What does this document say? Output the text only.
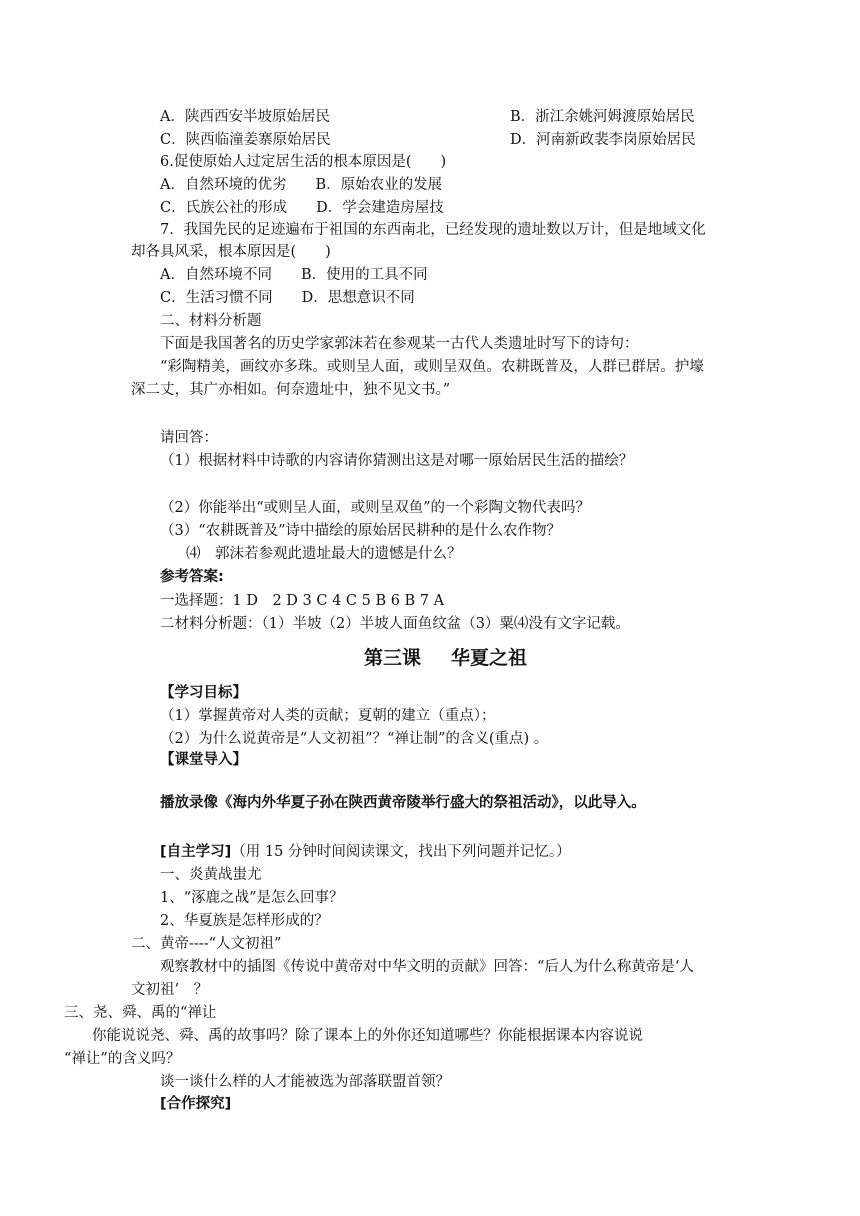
A．陕西西安半坡原始居民	B．浙江余姚河姆渡原始居民
C．陕西临潼姜寨原始居民	D．河南新政裴李岗原始居民
6.促使原始人过定居生活的根本原因是(　　)
A．自然环境的优劣　　B．原始农业的发展
C．氏族公社的形成　　D．学会建造房屋技
7．我国先民的足迹遍布于祖国的东西南北，已经发现的遗址数以万计，但是地域文化
却各具风采，根本原因是(　　)
A．自然环境不同　　B．使用的工具不同
C．生活习惯不同　　D．思想意识不同
二、材料分析题
下面是我国著名的历史学家郭沫若在参观某一古代人类遗址时写下的诗句：
“彩陶精美，画纹亦多珠。或则呈人面，或则呈双鱼。农耕既普及，人群已群居。护壕
深二丈，其广亦相如。何奈遗址中，独不见文书。”
请回答：
（1）根据材料中诗歌的内容请你猜测出这是对哪一原始居民生活的描绘？
（2）你能举出“或则呈人面，或则呈双鱼”的一个彩陶文物代表吗？
（3）“农耕既普及”诗中描绘的原始居民耕种的是什么农作物？
⑷　郭沫若参观此遗址最大的遗憾是什么？
参考答案:
一选择题：1 D　2 D 3 C 4 C 5 B 6 B 7 A
二材料分析题：（1）半坡（2）半坡人面鱼纹盆（3）粟⑷没有文字记载。
第三课 华夏之祖
【学习目标】
（1）掌握黄帝对人类的贡献；夏朝的建立（重点）；
（2）为什么说黄帝是“人文初祖”？“禅让制”的含义(重点) 。
【课堂导入】
播放录像《海内外华夏子孙在陕西黄帝陵举行盛大的祭祖活动》，以此导入。
[自主学习]（用 15 分钟时间阅读课文，找出下列问题并记忆。）
一、炎黄战蚩尤
1、“涿鹿之战”是怎么回事？
2、华夏族是怎样形成的？
二、黄帝----“人文初祖”
观察教材中的插图《传说中黄帝对中华文明的贡献》回答：“后人为什么称黄帝是‘人
文初祖’　？
三、尧、舜、禹的“禅让
你能说说尧、舜、禹的故事吗？除了课本上的外你还知道哪些？你能根据课本内容说说
“禅让”的含义吗？
谈一谈什么样的人才能被选为部落联盟首领？
[合作探究]
